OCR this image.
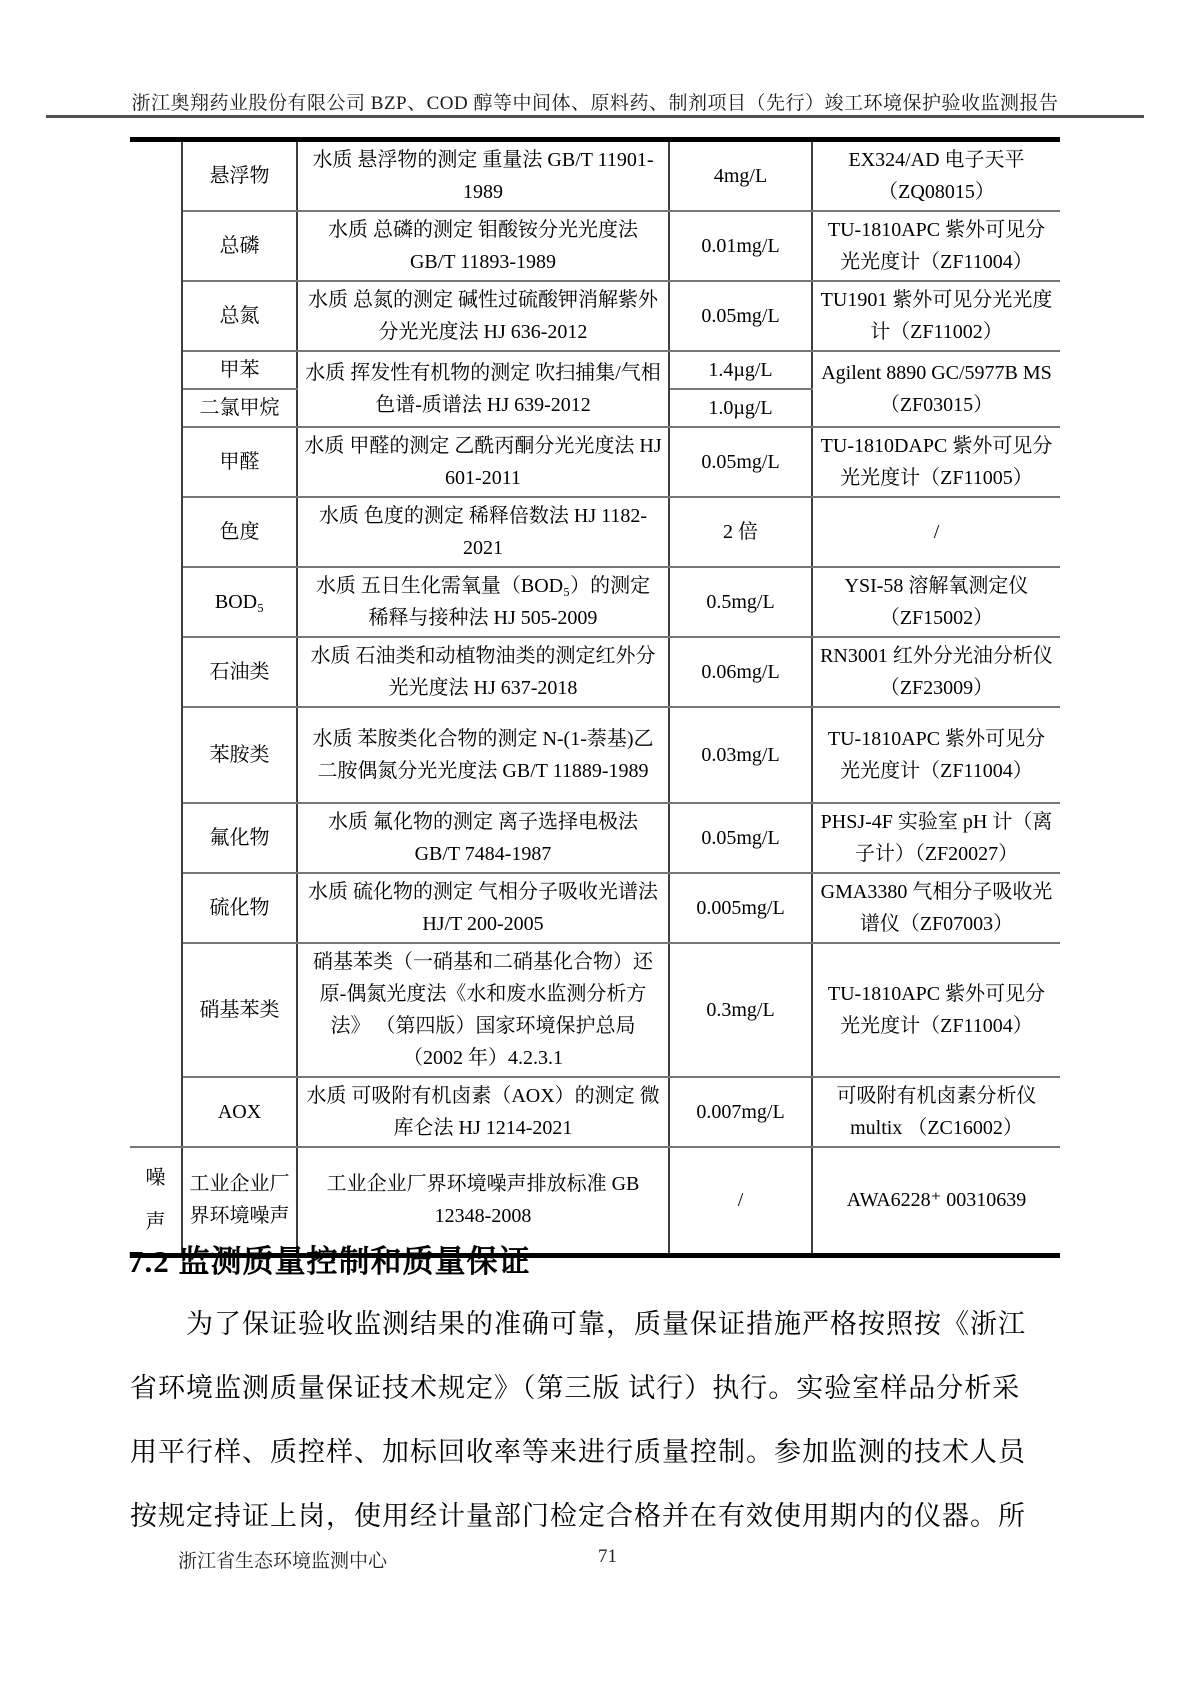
浙江奥翔药业股份有限公司 BZP、COD 醇等中间体、原料药、制剂项目（先行）竣工环境保护验收监测报告
	悬浮物	水质 悬浮物的测定 重量法 GB/T 11901-1989	4mg/L	EX324/AD 电子天平（ZQ08015）
	总磷	水质 总磷的测定 钼酸铵分光光度法 GB/T 11893-1989	0.01mg/L	TU-1810APC 紫外可见分光光度计（ZF11004）
	总氮	水质 总氮的测定 碱性过硫酸钾消解紫外分光光度法 HJ 636-2012	0.05mg/L	TU1901 紫外可见分光光度计（ZF11002）
	甲苯	水质 挥发性有机物的测定 吹扫捕集/气相色谱-质谱法 HJ 639-2012	1.4µg/L	Agilent 8890 GC/5977B MS（ZF03015）
	二氯甲烷		1.0µg/L	
	甲醛	水质 甲醛的测定 乙酰丙酮分光光度法 HJ 601-2011	0.05mg/L	TU-1810DAPC 紫外可见分光光度计（ZF11005）
	色度	水质 色度的测定 稀释倍数法 HJ 1182-2021	2 倍	/
	BOD₅	水质 五日生化需氧量（BOD₅）的测定 稀释与接种法 HJ 505-2009	0.5mg/L	YSI-58 溶解氧测定仪（ZF15002）
	石油类	水质 石油类和动植物油类的测定红外分光光度法 HJ 637-2018	0.06mg/L	RN3001 红外分光油分析仪（ZF23009）
	苯胺类	水质 苯胺类化合物的测定 N-(1-萘基)乙二胺偶氮分光光度法 GB/T 11889-1989	0.03mg/L	TU-1810APC 紫外可见分光光度计（ZF11004）
	氟化物	水质 氟化物的测定 离子选择电极法 GB/T 7484-1987	0.05mg/L	PHSJ-4F 实验室 pH 计（离子计）（ZF20027）
	硫化物	水质 硫化物的测定 气相分子吸收光谱法 HJ/T 200-2005	0.005mg/L	GMA3380 气相分子吸收光谱仪（ZF07003）
	硝基苯类	硝基苯类（一硝基和二硝基化合物）还原-偶氮光度法《水和废水监测分析方法》 （第四版）国家环境保护总局（2002 年）4.2.3.1	0.3mg/L	TU-1810APC 紫外可见分光光度计（ZF11004）
	AOX	水质 可吸附有机卤素（AOX）的测定 微库仑法 HJ 1214-2021	0.007mg/L	可吸附有机卤素分析仪 multix （ZC16002）
噪声	工业企业厂界环境噪声	工业企业厂界环境噪声排放标准 GB 12348-2008	/	AWA6228⁺ 00310639
7.2 监测质量控制和质量保证
为了保证验收监测结果的准确可靠，质量保证措施严格按照按《浙江
省环境监测质量保证技术规定》（第三版 试行）执行。实验室样品分析采
用平行样、质控样、加标回收率等来进行质量控制。参加监测的技术人员
按规定持证上岗，使用经计量部门检定合格并在有效使用期内的仪器。所
浙江省生态环境监测中心	71
